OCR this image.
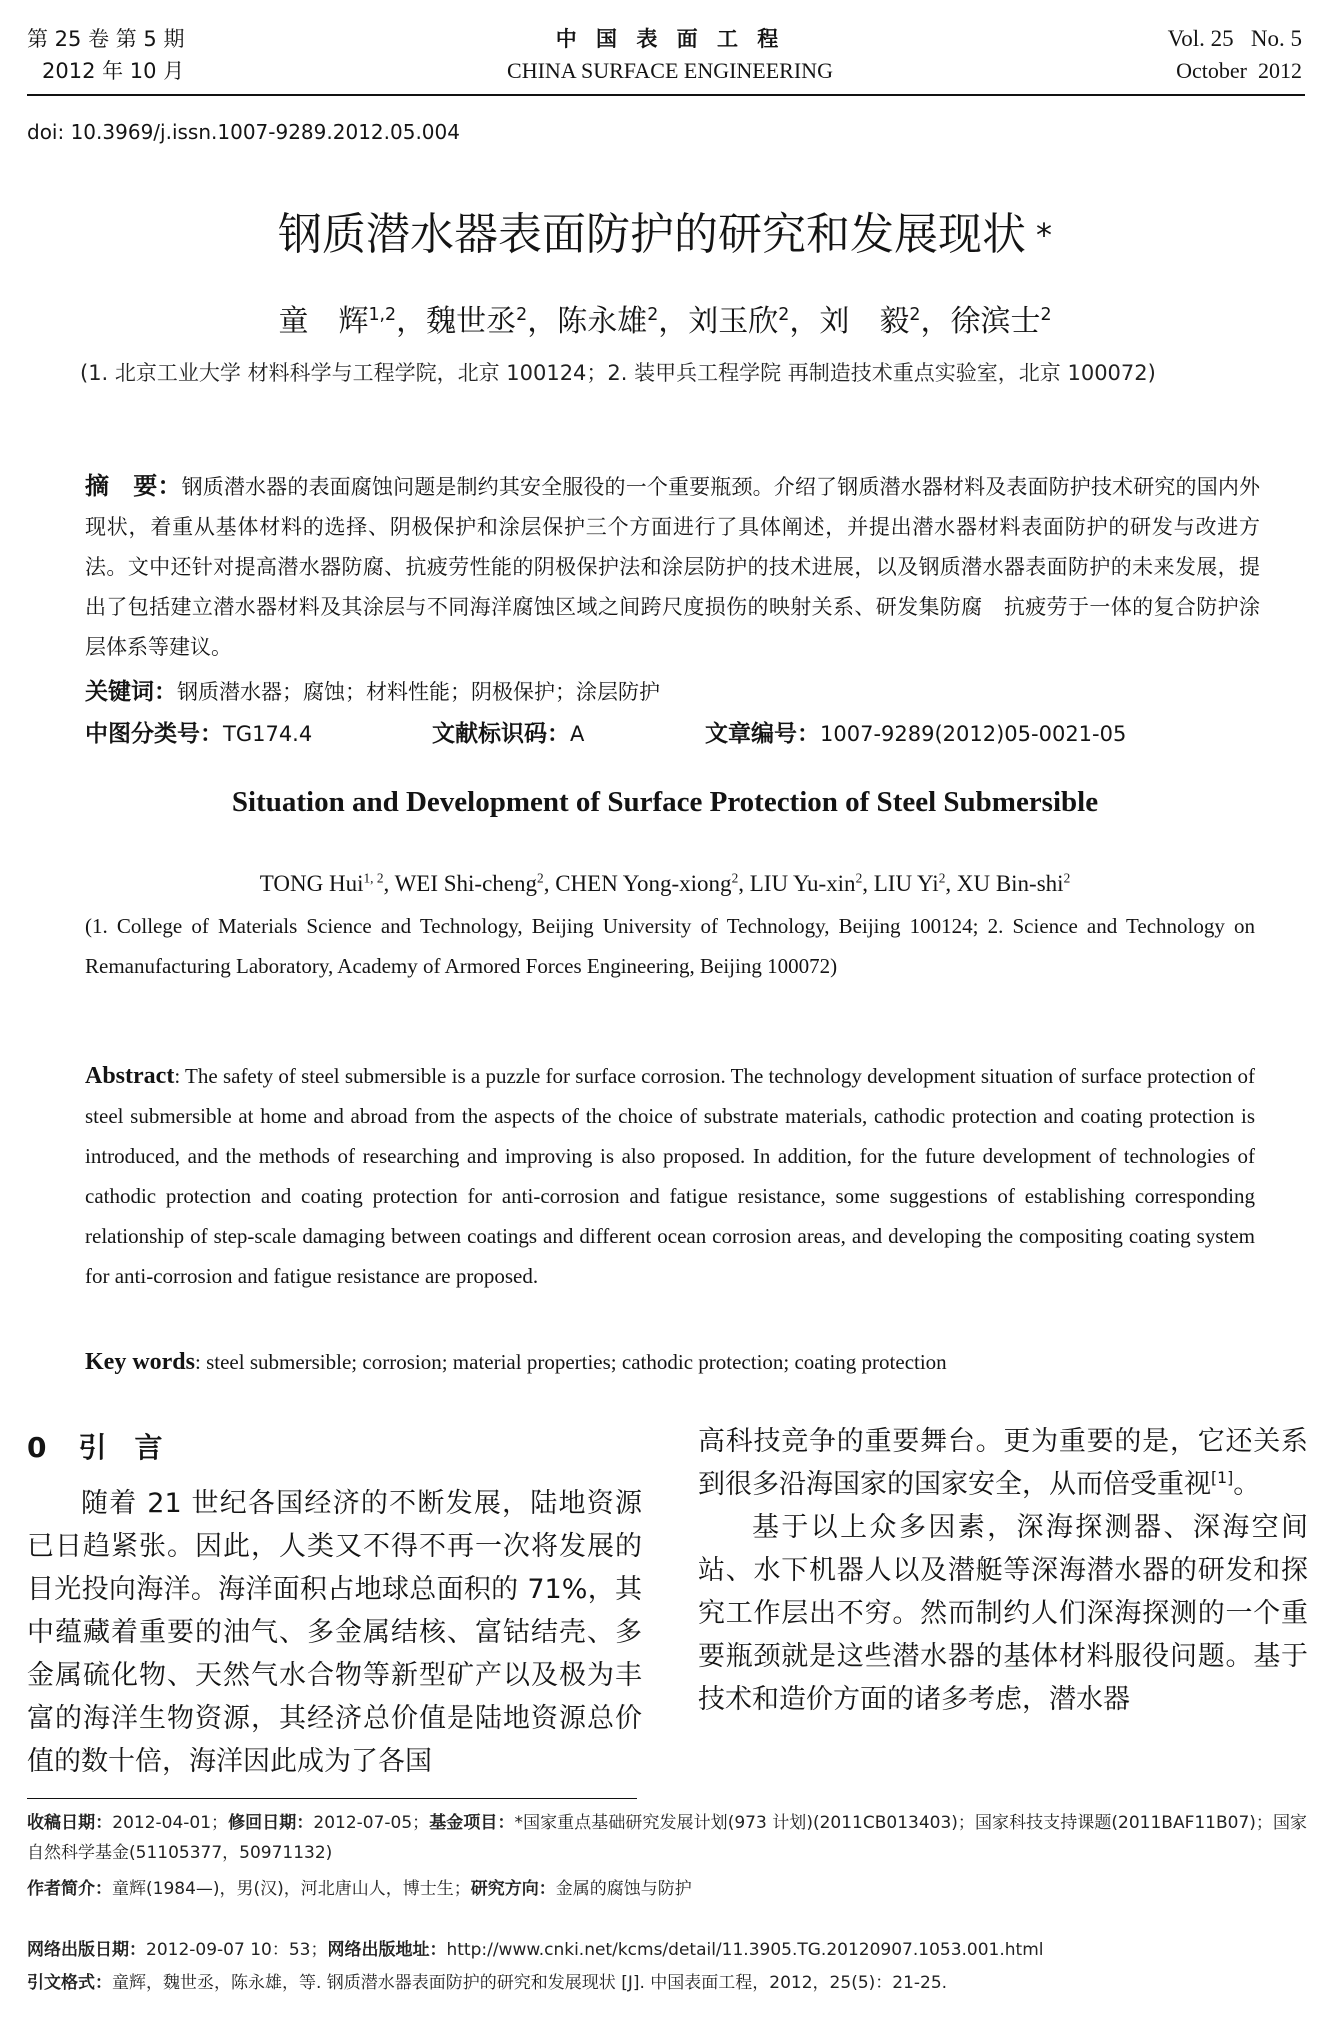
第 25 卷 第 5 期
2012 年 10 月
中 国 表 面 工 程
CHINA SURFACE ENGINEERING
Vol. 25   No. 5
October  2012
doi: 10.3969/j.issn.1007-9289.2012.05.004
钢质潜水器表面防护的研究和发展现状 *
童　辉$^{1,2}$，魏世丞$^2$，陈永雄$^2$，刘玉欣$^2$，刘　毅$^2$，徐滨士$^2$
(1. 北京工业大学 材料科学与工程学院，北京 100124；2. 装甲兵工程学院 再制造技术重点实验室，北京 100072)
摘　要：钢质潜水器的表面腐蚀问题是制约其安全服役的一个重要瓶颈。介绍了钢质潜水器材料及表面防护技术研究的国内外现状，着重从基体材料的选择、阴极保护和涂层保护三个方面进行了具体阐述，并提出潜水器材料表面防护的研发与改进方法。文中还针对提高潜水器防腐、抗疲劳性能的阴极保护法和涂层防护的技术进展，以及钢质潜水器表面防护的未来发展，提出了包括建立潜水器材料及其涂层与不同海洋腐蚀区域之间跨尺度损伤的映射关系、研发集防腐　抗疲劳于一体的复合防护涂层体系等建议。
关键词：钢质潜水器；腐蚀；材料性能；阴极保护；涂层防护
中图分类号：TG174.4	文献标识码：A	文章编号：1007-9289(2012)05-0021-05
Situation and Development of Surface Protection of Steel Submersible
TONG Hui$^{1, 2}$, WEI Shi-cheng$^2$, CHEN Yong-xiong$^2$, LIU Yu-xin$^2$, LIU Yi$^2$, XU Bin-shi$^2$
(1. College of Materials Science and Technology, Beijing University of Technology, Beijing 100124; 2. Science and Technology on Remanufacturing Laboratory, Academy of Armored Forces Engineering, Beijing 100072)
Abstract: The safety of steel submersible is a puzzle for surface corrosion. The technology development situation of surface protection of steel submersible at home and abroad from the aspects of the choice of substrate materials, cathodic protection and coating protection is introduced, and the methods of researching and improving is also proposed. In addition, for the future development of technologies of cathodic protection and coating protection for anti-corrosion and fatigue resistance, some suggestions of establishing corresponding relationship of step-scale damaging between coatings and different ocean corrosion areas, and developing the compositing coating system for anti-corrosion and fatigue resistance are proposed.
Key words: steel submersible; corrosion; material properties; cathodic protection; coating protection
0 引　言
随着 21 世纪各国经济的不断发展，陆地资源已日趋紧张。因此，人类又不得不再一次将发展的目光投向海洋。海洋面积占地球总面积的 71%，其中蕴藏着重要的油气、多金属结核、富钴结壳、多金属硫化物、天然气水合物等新型矿产以及极为丰富的海洋生物资源，其经济总价值是陆地资源总价值的数十倍，海洋因此成为了各国

高科技竞争的重要舞台。更为重要的是，它还关系到很多沿海国家的国家安全，从而倍受重视[1]。

基于以上众多因素，深海探测器、深海空间站、水下机器人以及潜艇等深海潜水器的研发和探究工作层出不穷。然而制约人们深海探测的一个重要瓶颈就是这些潜水器的基体材料服役问题。基于技术和造价方面的诸多考虑，潜水器

收稿日期：2012-04-01；修回日期：2012-07-05；基金项目：*国家重点基础研究发展计划(973 计划)(2011CB013403)；国家科技支持课题(2011BAF11B07)；国家自然科学基金(51105377，50971132)
作者简介：童辉(1984—)，男(汉)，河北唐山人，博士生；研究方向：金属的腐蚀与防护
网络出版日期：2012-09-07 10：53；网络出版地址：http://www.cnki.net/kcms/detail/11.3905.TG.20120907.1053.001.html
引文格式：童辉，魏世丞，陈永雄，等. 钢质潜水器表面防护的研究和发展现状 [J]. 中国表面工程，2012，25(5)：21-25.
